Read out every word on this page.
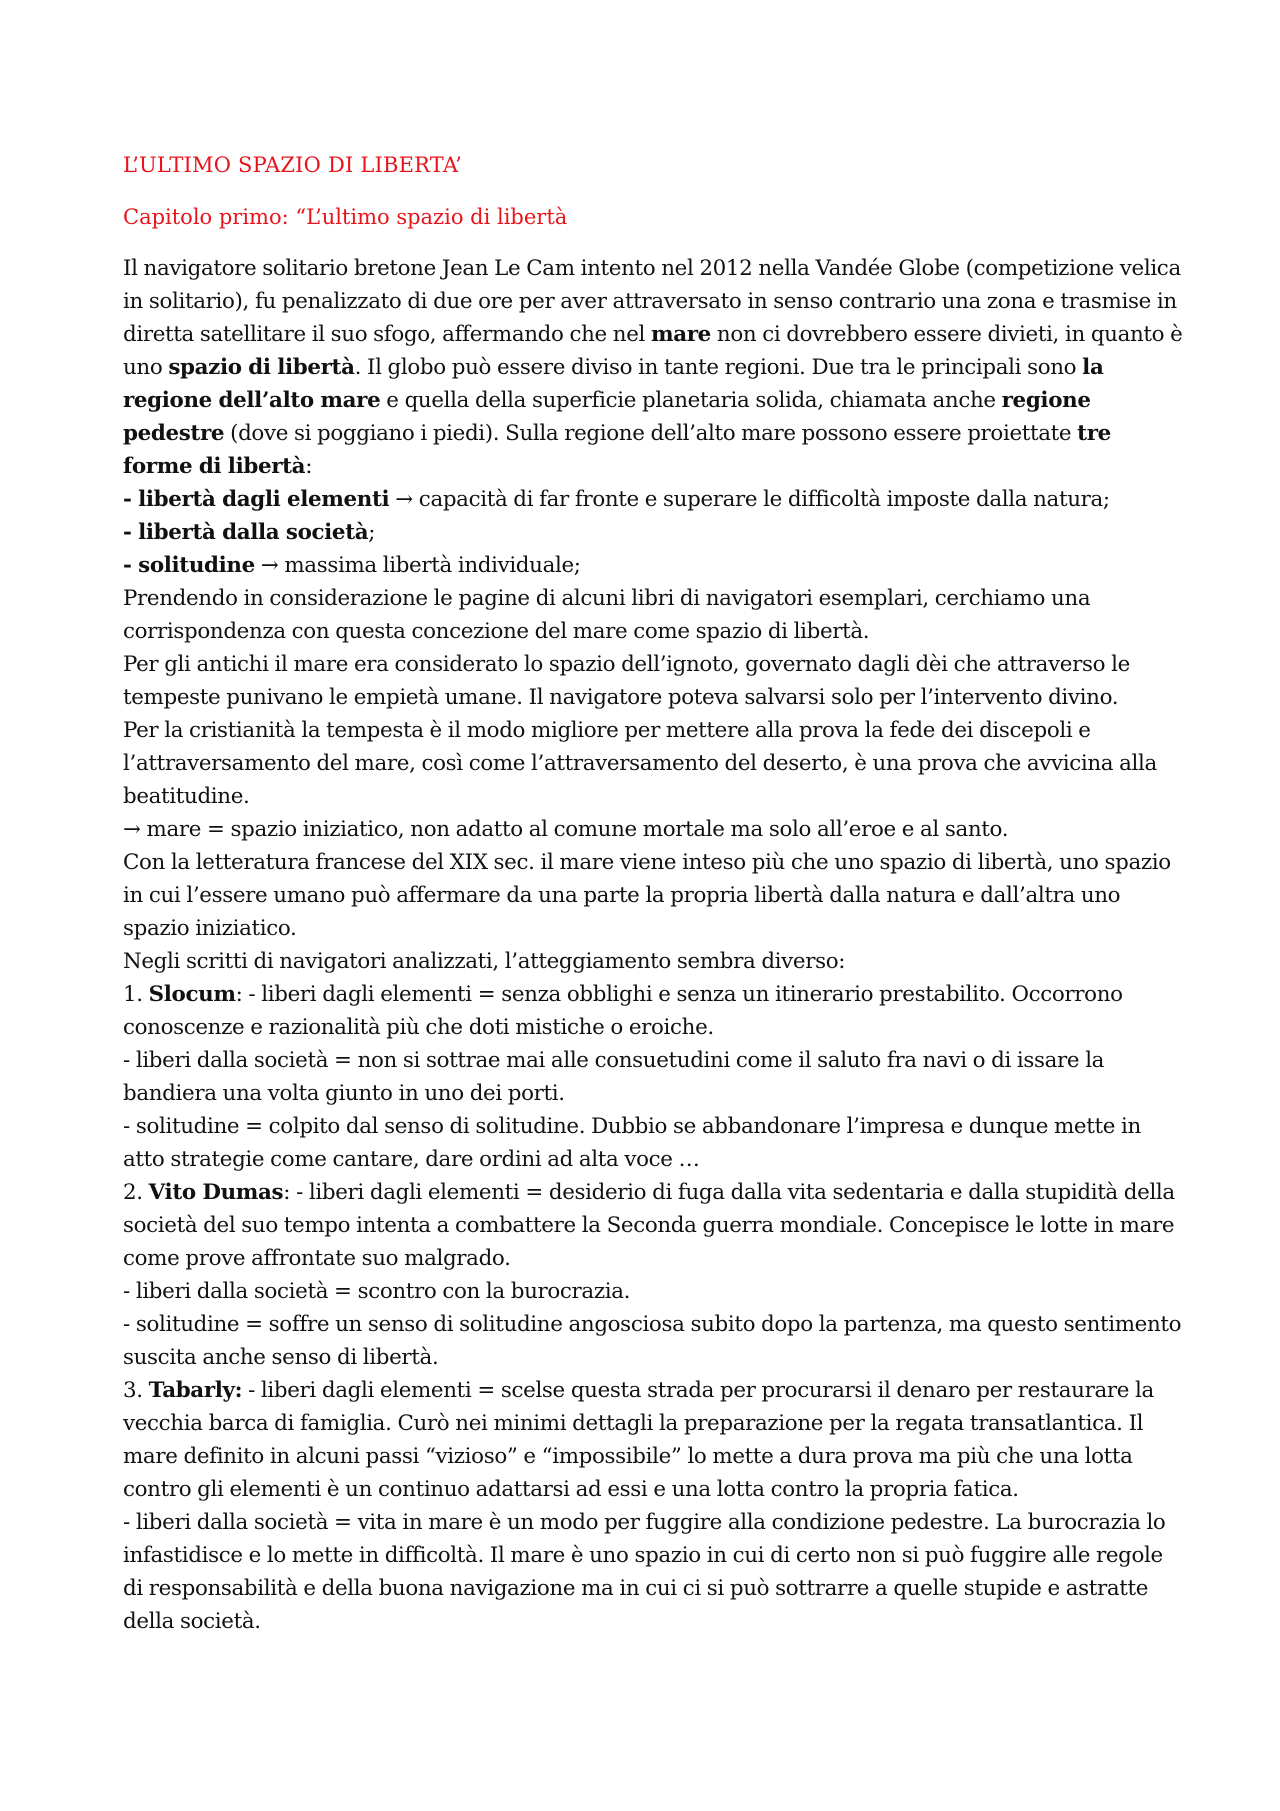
L’ULTIMO SPAZIO DI LIBERTA’
Capitolo primo: “L’ultimo spazio di libertà

Il navigatore solitario bretone Jean Le Cam intento nel 2012 nella Vandée Globe (competizione velica in solitario), fu penalizzato di due ore per aver attraversato in senso contrario una zona e trasmise in diretta satellitare il suo sfogo, affermando che nel mare non ci dovrebbero essere divieti, in quanto è uno spazio di libertà. Il globo può essere diviso in tante regioni. Due tra le principali sono la regione dell’alto mare e quella della superficie planetaria solida, chiamata anche regione pedestre (dove si poggiano i piedi). Sulla regione dell’alto mare possono essere proiettate tre forme di libertà:

- libertà dagli elementi → capacità di far fronte e superare le difficoltà imposte dalla natura;

- libertà dalla società;

- solitudine → massima libertà individuale;

Prendendo in considerazione le pagine di alcuni libri di navigatori esemplari, cerchiamo una corrispondenza con questa concezione del mare come spazio di libertà.

Per gli antichi il mare era considerato lo spazio dell’ignoto, governato dagli dèi che attraverso le tempeste punivano le empietà umane. Il navigatore poteva salvarsi solo per l’intervento divino.

Per la cristianità la tempesta è il modo migliore per mettere alla prova la fede dei discepoli e l’attraversamento del mare, così come l’attraversamento del deserto, è una prova che avvicina alla beatitudine.

→ mare = spazio iniziatico, non adatto al comune mortale ma solo all’eroe e al santo.

Con la letteratura francese del XIX sec. il mare viene inteso più che uno spazio di libertà, uno spazio in cui l’essere umano può affermare da una parte la propria libertà dalla natura e dall’altra uno spazio iniziatico.

Negli scritti di navigatori analizzati, l’atteggiamento sembra diverso:

1. Slocum: - liberi dagli elementi = senza obblighi e senza un itinerario prestabilito. Occorrono conoscenze e razionalità più che doti mistiche o eroiche.

- liberi dalla società = non si sottrae mai alle consuetudini come il saluto fra navi o di issare la bandiera una volta giunto in uno dei porti.

- solitudine = colpito dal senso di solitudine. Dubbio se abbandonare l’impresa e dunque mette in atto strategie come cantare, dare ordini ad alta voce …

2. Vito Dumas: - liberi dagli elementi = desiderio di fuga dalla vita sedentaria e dalla stupidità della società del suo tempo intenta a combattere la Seconda guerra mondiale. Concepisce le lotte in mare come prove affrontate suo malgrado.

- liberi dalla società = scontro con la burocrazia.

- solitudine = soffre un senso di solitudine angosciosa subito dopo la partenza, ma questo sentimento suscita anche senso di libertà.

3. Tabarly: - liberi dagli elementi = scelse questa strada per procurarsi il denaro per restaurare la vecchia barca di famiglia. Curò nei minimi dettagli la preparazione per la regata transatlantica. Il mare definito in alcuni passi “vizioso” e “impossibile” lo mette a dura prova ma più che una lotta contro gli elementi è un continuo adattarsi ad essi e una lotta contro la propria fatica.

- liberi dalla società = vita in mare è un modo per fuggire alla condizione pedestre. La burocrazia lo infastidisce e lo mette in difficoltà. Il mare è uno spazio in cui di certo non si può fuggire alle regole di responsabilità e della buona navigazione ma in cui ci si può sottrarre a quelle stupide e astratte della società.
